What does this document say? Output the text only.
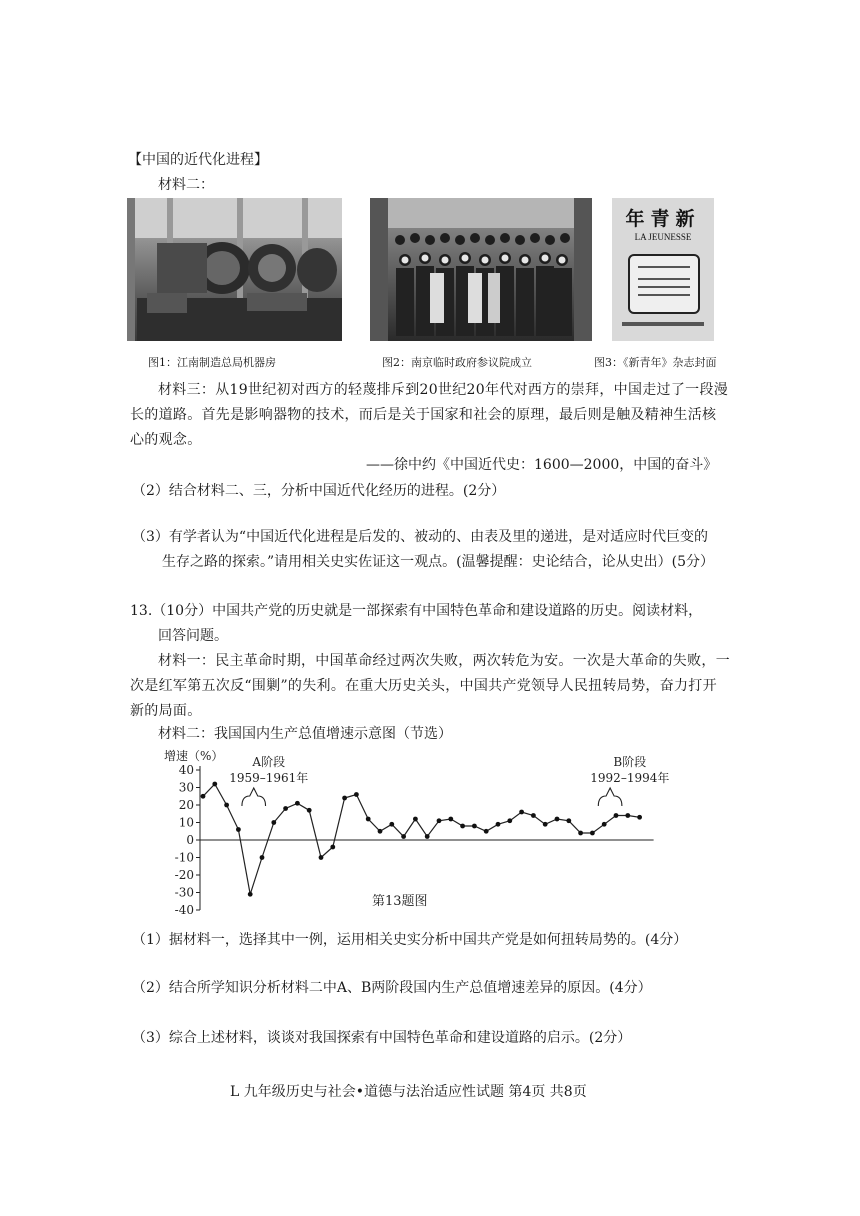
【中国的近代化进程】
材料二：
年青新
LA JEUNESSE
图1：江南制造总局机器房	图2：南京临时政府参议院成立	图3：《新青年》杂志封面
材料三：从19世纪初对西方的轻蔑排斥到20世纪20年代对西方的崇拜，中国走过了一段漫长的道路。首先是影响器物的技术，而后是关于国家和社会的原理，最后则是触及精神生活核心的观念。
——徐中约《中国近代史：1600—2000，中国的奋斗》
（2）结合材料二、三，分析中国近代化经历的进程。(2分）
（3）有学者认为“中国近代化进程是后发的、被动的、由表及里的递进，是对适应时代巨变的
生存之路的探索。”请用相关史实佐证这一观点。(温馨提醒：史论结合，论从史出）(5分）
13.（10分）中国共产党的历史就是一部探索有中国特色革命和建设道路的历史。阅读材料，
回答问题。
材料一：民主革命时期，中国革命经过两次失败，两次转危为安。一次是大革命的失败，一次是红军第五次反“围剿”的失利。在重大历史关头，中国共产党领导人民扭转局势，奋力打开新的局面。
材料二：我国国内生产总值增速示意图（节选）
增速（%）
40
30
20
10
0
-10
-20
-30
-40
A阶段
1959–1961年
B阶段
1992–1994年
第13题图
（1）据材料一，选择其中一例，运用相关史实分析中国共产党是如何扭转局势的。(4分）
（2）结合所学知识分析材料二中A、B两阶段国内生产总值增速差异的原因。(4分）
（3）综合上述材料，谈谈对我国探索有中国特色革命和建设道路的启示。(2分）
L 九年级历史与社会•道德与法治适应性试题 第4页 共8页
